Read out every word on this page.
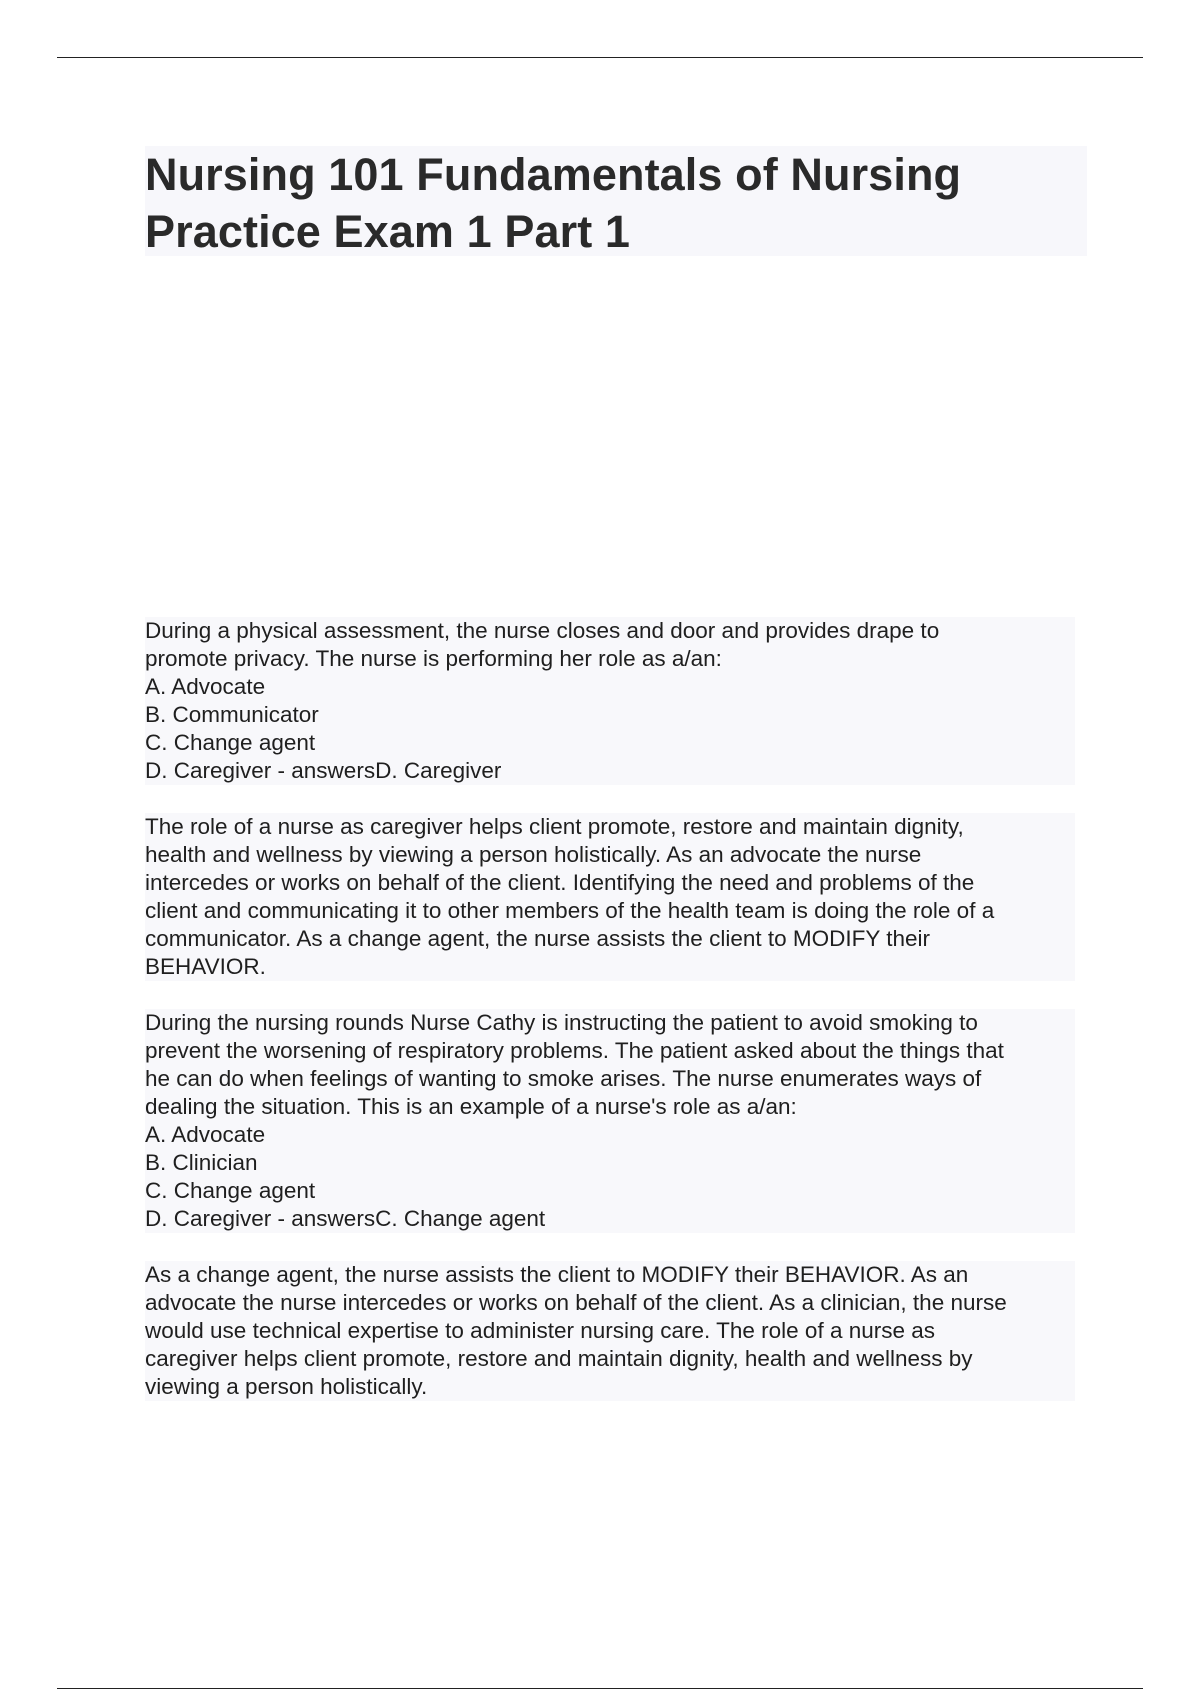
Nursing 101 Fundamentals of Nursing
Practice Exam 1 Part 1
During a physical assessment, the nurse closes and door and provides drape to
promote privacy. The nurse is performing her role as a/an:
A. Advocate
B. Communicator
C. Change agent
D. Caregiver - answersD. Caregiver
The role of a nurse as caregiver helps client promote, restore and maintain dignity,
health and wellness by viewing a person holistically. As an advocate the nurse
intercedes or works on behalf of the client. Identifying the need and problems of the
client and communicating it to other members of the health team is doing the role of a
communicator. As a change agent, the nurse assists the client to MODIFY their
BEHAVIOR.
During the nursing rounds Nurse Cathy is instructing the patient to avoid smoking to
prevent the worsening of respiratory problems. The patient asked about the things that
he can do when feelings of wanting to smoke arises. The nurse enumerates ways of
dealing the situation. This is an example of a nurse's role as a/an:
A. Advocate
B. Clinician
C. Change agent
D. Caregiver - answersC. Change agent
As a change agent, the nurse assists the client to MODIFY their BEHAVIOR. As an
advocate the nurse intercedes or works on behalf of the client. As a clinician, the nurse
would use technical expertise to administer nursing care. The role of a nurse as
caregiver helps client promote, restore and maintain dignity, health and wellness by
viewing a person holistically.
